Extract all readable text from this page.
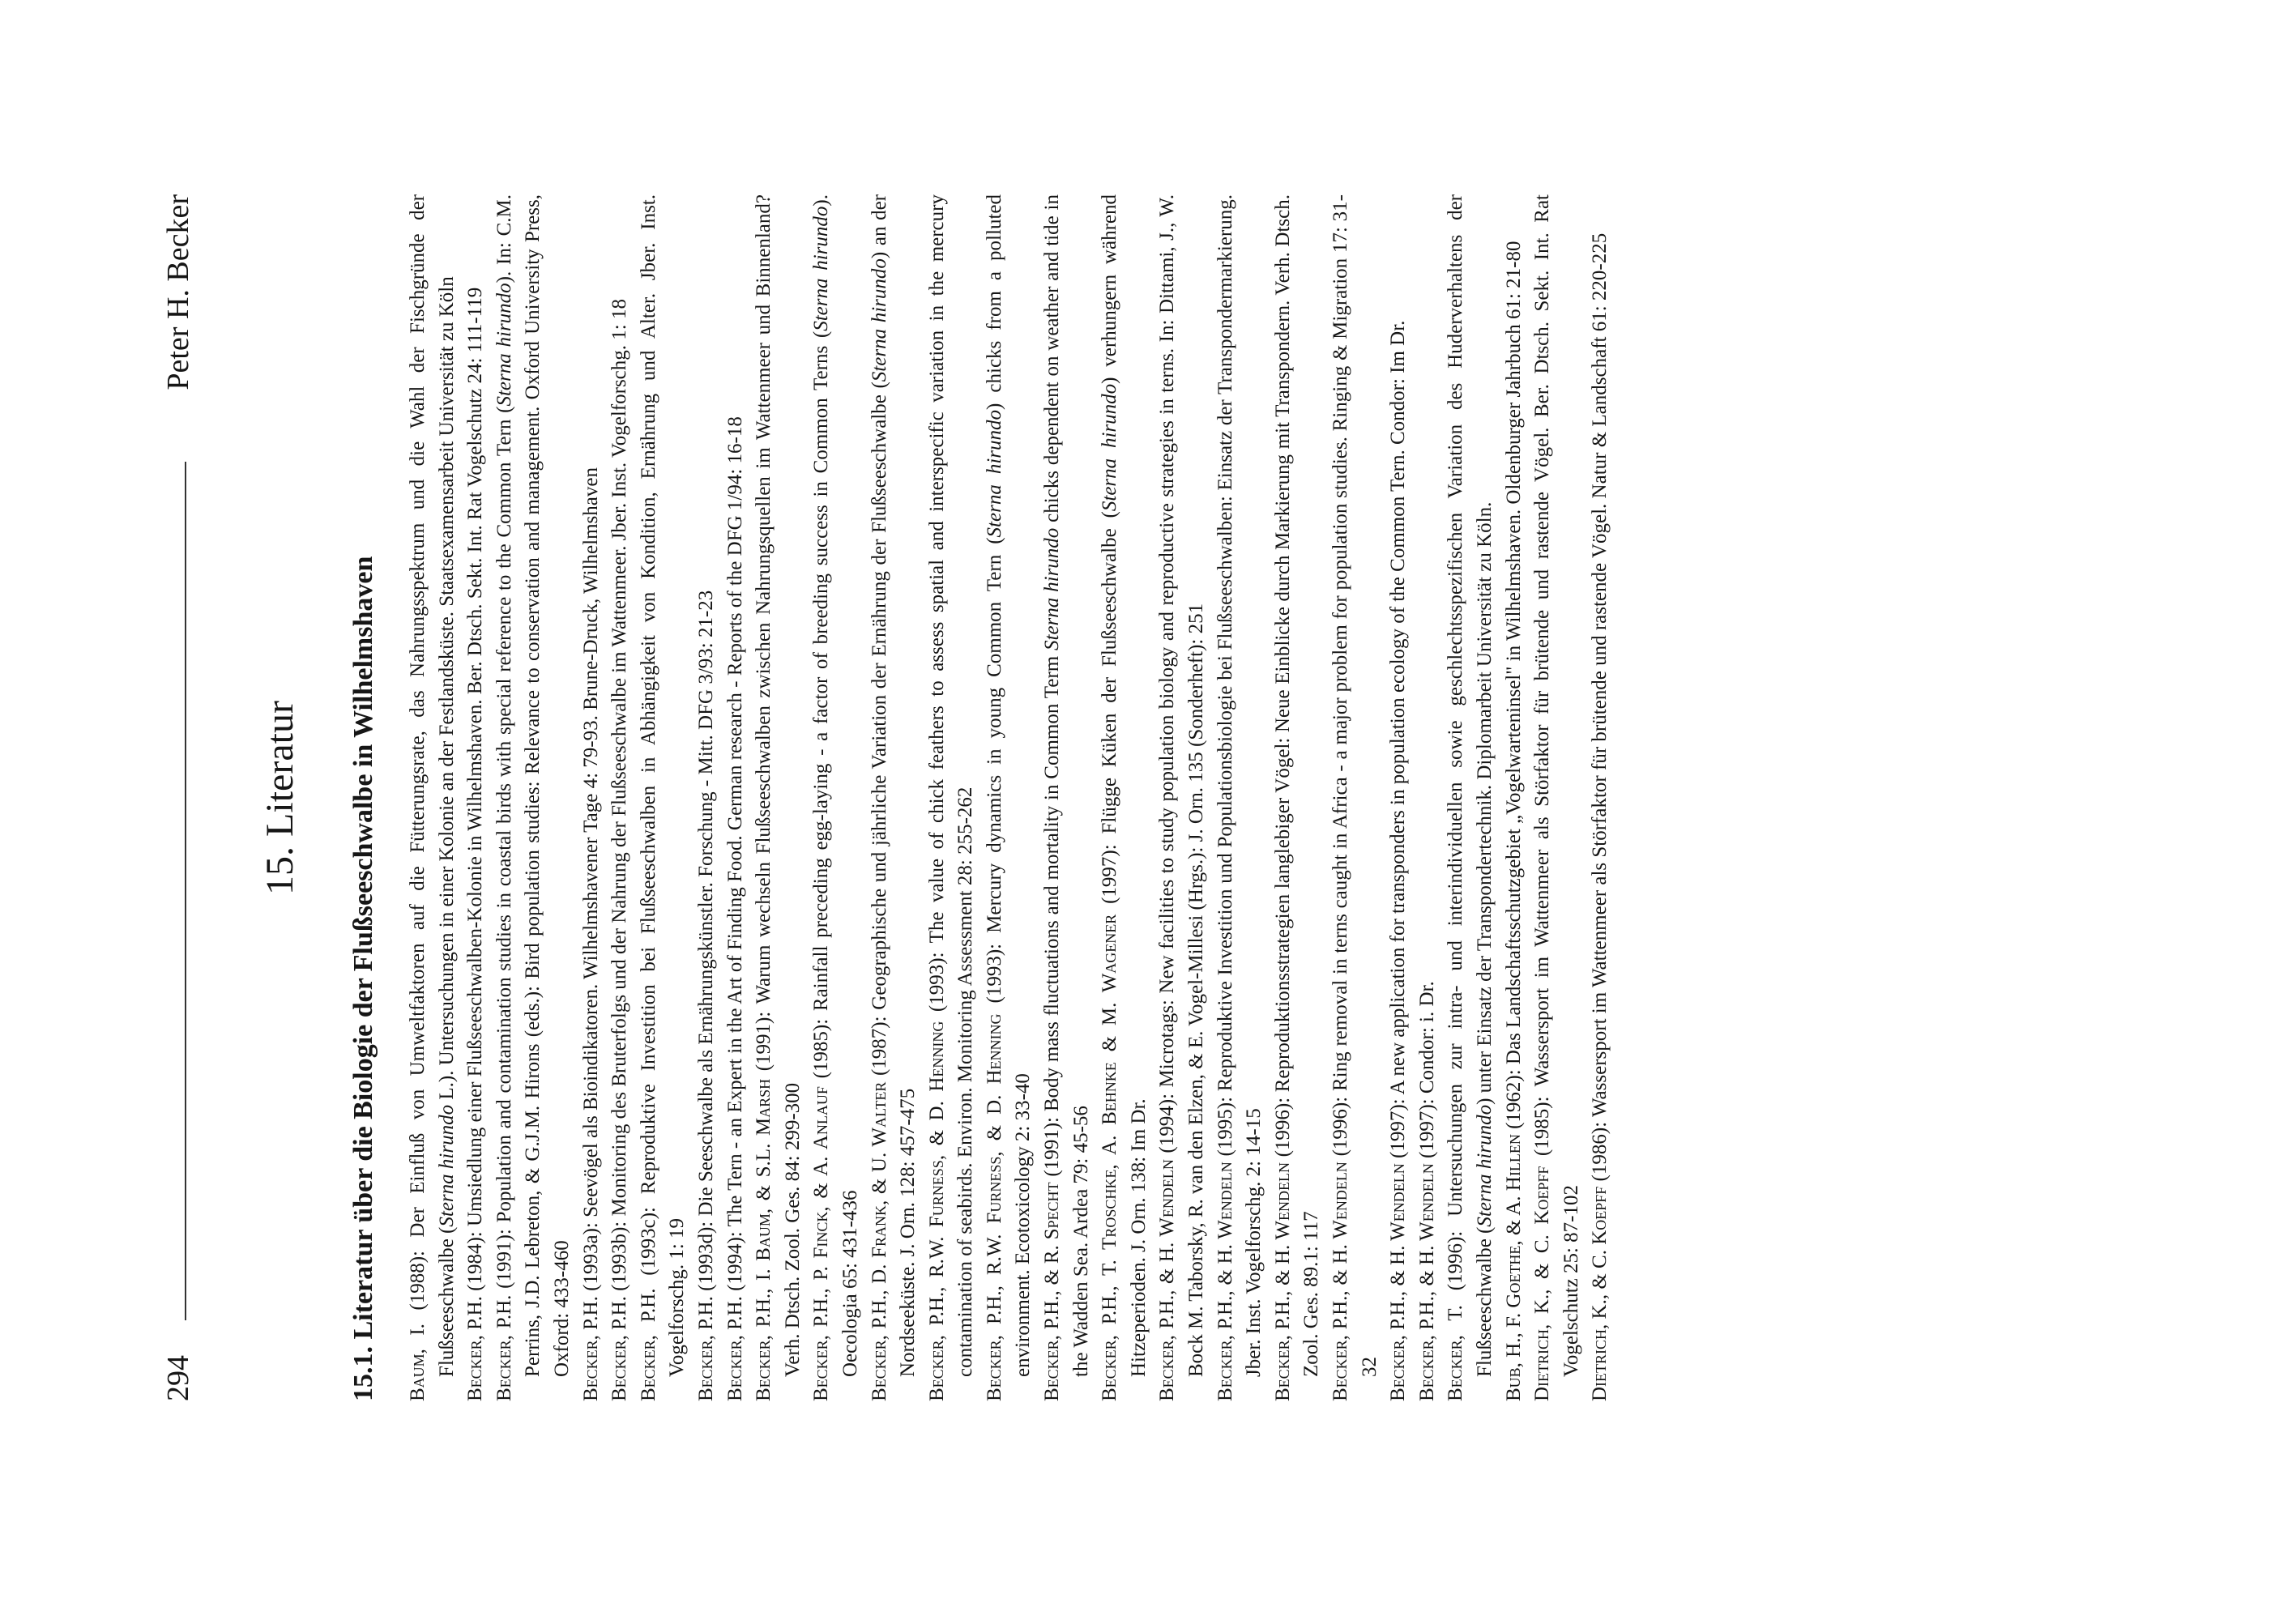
294
Peter H. Becker
15. Literatur 15.1. Literatur über die Biologie der Flußseeschwalbe in Wilhelmshaven Baum, I. (1988): Der Einfluß von Umweltfaktoren auf die Fütterungsrate, das Nahrungsspektrum und die Wahl der Fischgründe der Flußseeschwalbe (Sterna hirundo L.). Untersuchungen in einer Kolonie an der Festlandsküste. Staatsexamensarbeit Universität zu Köln

Becker, P.H. (1984): Umsiedlung einer Flußseeschwalben-Kolonie in Wilhelmshaven. Ber. Dtsch. Sekt. Int. Rat Vogelschutz 24: 111-119

Becker, P.H. (1991): Population and contamination studies in coastal birds with special reference to the Common Tern (Sterna hirundo). In: C.M. Perrins, J.D. Lebreton, & G.J.M. Hirons (eds.): Bird population studies: Relevance to conservation and management. Oxford University Press, Oxford: 433-460 Becker, P.H. (1993a): Seevögel als Bioindikatoren. Wilhelmshavener Tage 4: 79-93. Brune-Druck, Wilhelmshaven

Becker, P.H. (1993b): Monitoring des Bruterfolgs und der Nahrung der Flußseeschwalbe im Wattenmeer. Jber. Inst. Vogelforschg. 1: 18

Becker, P.H. (1993c): Reproduktive Investition bei Flußseeschwalben in Abhängigkeit von Kondition, Ernährung und Alter. Jber. Inst. Vogelforschg. 1: 19 Becker, P.H. (1993d): Die Seeschwalbe als Ernährungskünstler. Forschung - Mitt. DFG 3/93: 21-23

Becker, P.H. (1994): The Tern - an Expert in the Art of Finding Food. German research - Reports of the DFG 1/94: 16-18 Becker, P.H., I. Baum, & S.L. Marsh (1991): Warum wechseln Flußseeschwalben zwischen Nahrungsquellen im Wattenmeer und Binnenland? Verh. Dtsch. Zool. Ges. 84: 299-300 Becker, P.H., P. Finck, & A. Anlauf (1985): Rainfall preceding egg-laying - a factor of breeding success in Common Terns (Sterna hirundo). Oecologia 65: 431-436 Becker, P.H., D. Frank, & U. Walter (1987): Geographische und jährliche Variation der Ernährung der Flußseeschwalbe (Sterna hirundo) an der Nordseeküste. J. Orn. 128: 457-475 Becker, P.H., R.W. Furness, & D. Henning (1993): The value of chick feathers to assess spatial and interspecific variation in the mercury contamination of seabirds. Environ. Monitoring Assessment 28: 255-262 Becker, P.H., R.W. Furness, & D. Henning (1993): Mercury dynamics in young Common Tern (Sterna hirundo) chicks from a polluted environment. Ecotoxicology 2: 33-40 Becker, P.H., & R. Specht (1991): Body mass fluctuations and mortality in Common Term Sterna hirundo chicks dependent on weather and tide in the Wadden Sea. Ardea 79: 45-56 Becker, P.H., T. Troschke, A. Behnke & M. Wagener (1997): Flügge Küken der Flußseeschwalbe (Sterna hirundo) verhungern während Hitzeperioden. J. Orn. 138: Im Dr. Becker, P.H., & H. Wendeln (1994): Microtags: New facilities to study population biology and reproductive strategies in terns. In: Dittami, J., W. Bock M. Taborsky, R. van den Elzen, & E. Vogel-Millesi (Hrgs.): J. Orn. 135 (Sonderheft): 251 Becker, P.H., & H. Wendeln (1995): Reproduktive Investition und Populationsbiologie bei Flußseeschwalben: Einsatz der Transpondermarkierung. Jber. Inst. Vogelforschg. 2: 14-15 Becker, P.H., & H. Wendeln (1996): Reproduktionsstrategien langlebiger Vögel: Neue Einblicke durch Markierung mit Transpondern. Verh. Dtsch. Zool. Ges. 89.1: 117 Becker, P.H., & H. Wendeln (1996): Ring removal in terns caught in Africa - a major problem for population studies. Ringing & Migration 17: 31-32 Becker, P.H., & H. Wendeln (1997): A new application for transponders in population ecology of the Common Tern. Condor: Im Dr.

Becker, P.H., & H. Wendeln (1997): Condor: i. Dr.

Becker, T. (1996): Untersuchungen zur intra- und interindividuellen sowie geschlechtsspezifischen Variation des Huderverhaltens der Flußseeschwalbe (Sterna hirundo) unter Einsatz der Transpondertechnik. Diplomarbeit Universität zu Köln.

Bub, H., F. Goethe, & A. Hillen (1962): Das Landschaftsschutzgebiet „Vogelwarteninsel" in Wilhelmshaven. Oldenburger Jahrbuch 61: 21-80

Dietrich, K., & C. Koepff (1985): Wassersport im Wattenmeer als Störfaktor für brütende und rastende Vögel. Ber. Dtsch. Sekt. Int. Rat Vogelschutz 25: 87-102 Dietrich, K., & C. Koepff (1986): Wassersport im Wattenmeer als Störfaktor für brütende und rastende Vögel. Natur & Landschaft 61: 220-225
